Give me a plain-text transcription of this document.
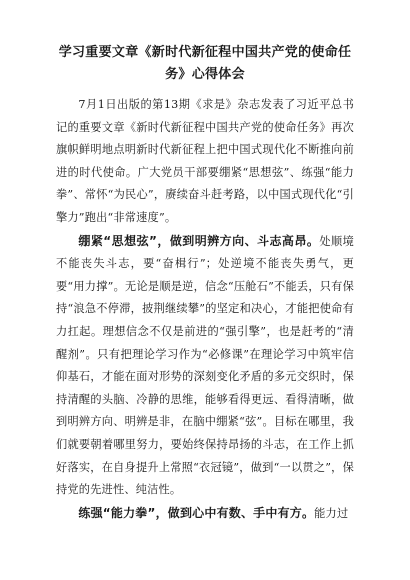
学习重要文章《新时代新征程中国共产党的使命任务》心得体会

7月1日出版的第13期《求是》杂志发表了习近平总书记的重要文章《新时代新征程中国共产党的使命任务》再次旗帜鲜明地点明新时代新征程上把中国式现代化不断推向前进的时代使命。广大党员干部要绷紧“思想弦”、练强“能力拳”、常怀“为民心”，赓续奋斗赶考路，以中国式现代化“引擎力”跑出“非常速度”。

绷紧“思想弦”，做到明辨方向、斗志高昂。处顺境不能丧失斗志，要“奋楫行”；处逆境不能丧失勇气，更要“用力撑”。无论是顺是逆，信念“压舱石”不能丢，只有保持“浪急不停滞，披荆继续攀”的坚定和决心，才能把使命有力扛起。理想信念不仅是前进的“强引擎”，也是赶考的“清醒剂”。只有把理论学习作为“必修课”在理论学习中筑牢信仰基石，才能在面对形势的深刻变化矛盾的多元交织时，保持清醒的头脑、冷静的思维，能够看得更远、看得清晰，做到明辨方向、明辨是非，在脑中绷紧“弦”。目标在哪里，我们就要朝着哪里努力，要始终保持昂扬的斗志，在工作上抓好落实，在自身提升上常照“衣冠镜”，做到“一以贯之”，保持党的先进性、纯洁性。

练强“能力拳”，做到心中有数、手中有方。能力过
